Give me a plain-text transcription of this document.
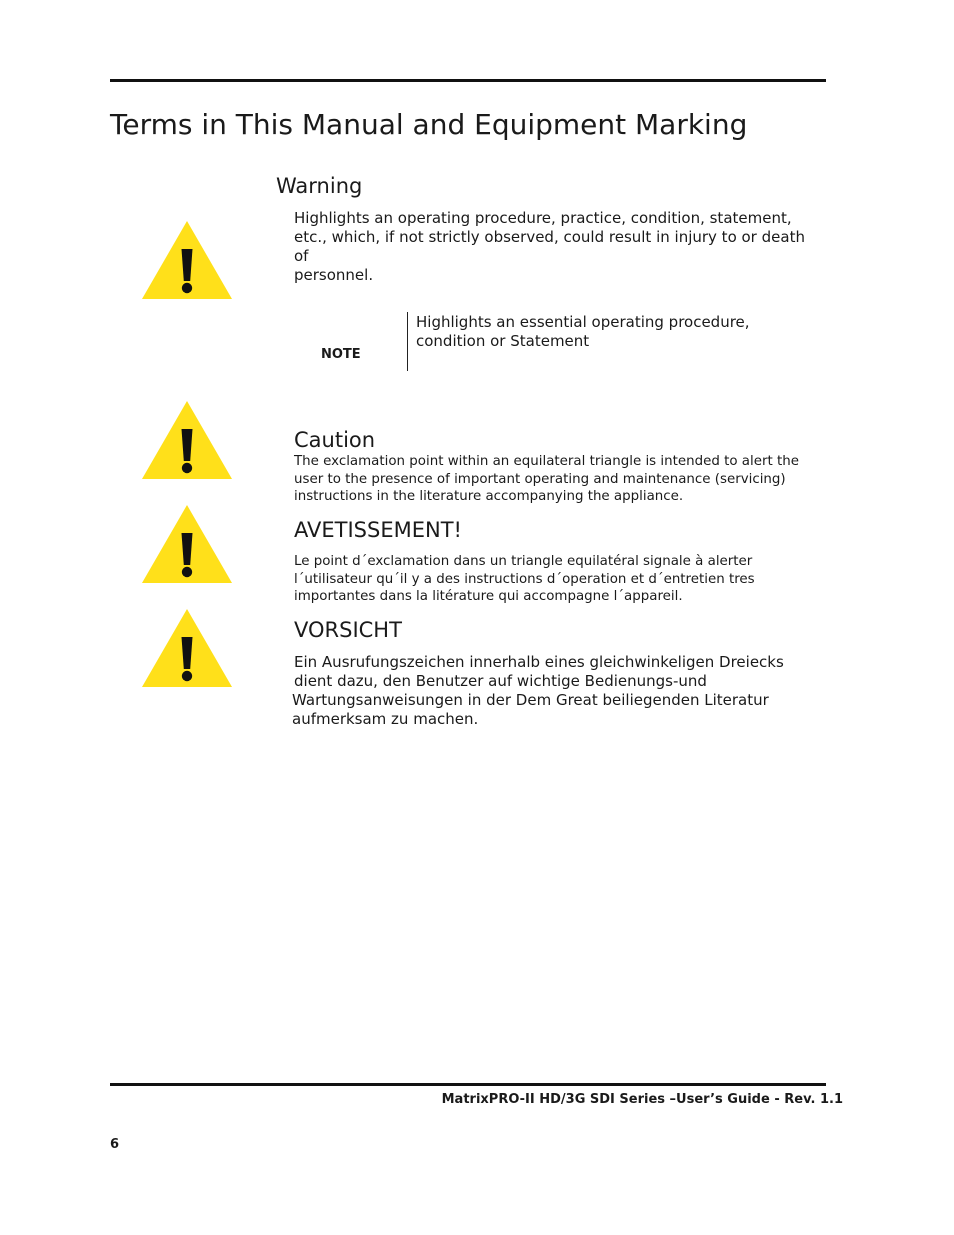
Terms in This Manual and Equipment Marking
Warning
Highlights an operating procedure, practice, condition, statement,
etc., which, if not strictly observed, could result in injury to or death
of
personnel.
NOTE
Highlights an essential operating procedure,
condition or Statement
Caution
The exclamation point within an equilateral triangle is intended to alert the
user to the presence of important operating and maintenance (servicing)
instructions in the literature accompanying the appliance.
AVETISSEMENT!
Le point d´exclamation dans un triangle equilatéral signale à alerter
l´utilisateur qu´il y a des instructions d´operation et d´entretien tres
importantes dans la litérature qui accompagne l´appareil.
VORSICHT
Ein Ausrufungszeichen innerhalb eines gleichwinkeligen Dreiecks
dient dazu, den Benutzer auf wichtige Bedienungs-und
Wartungsanweisungen in der Dem Great beiliegenden Literatur
aufmerksam zu machen.
MatrixPRO-II HD/3G SDI Series –User’s Guide - Rev. 1.1
6
